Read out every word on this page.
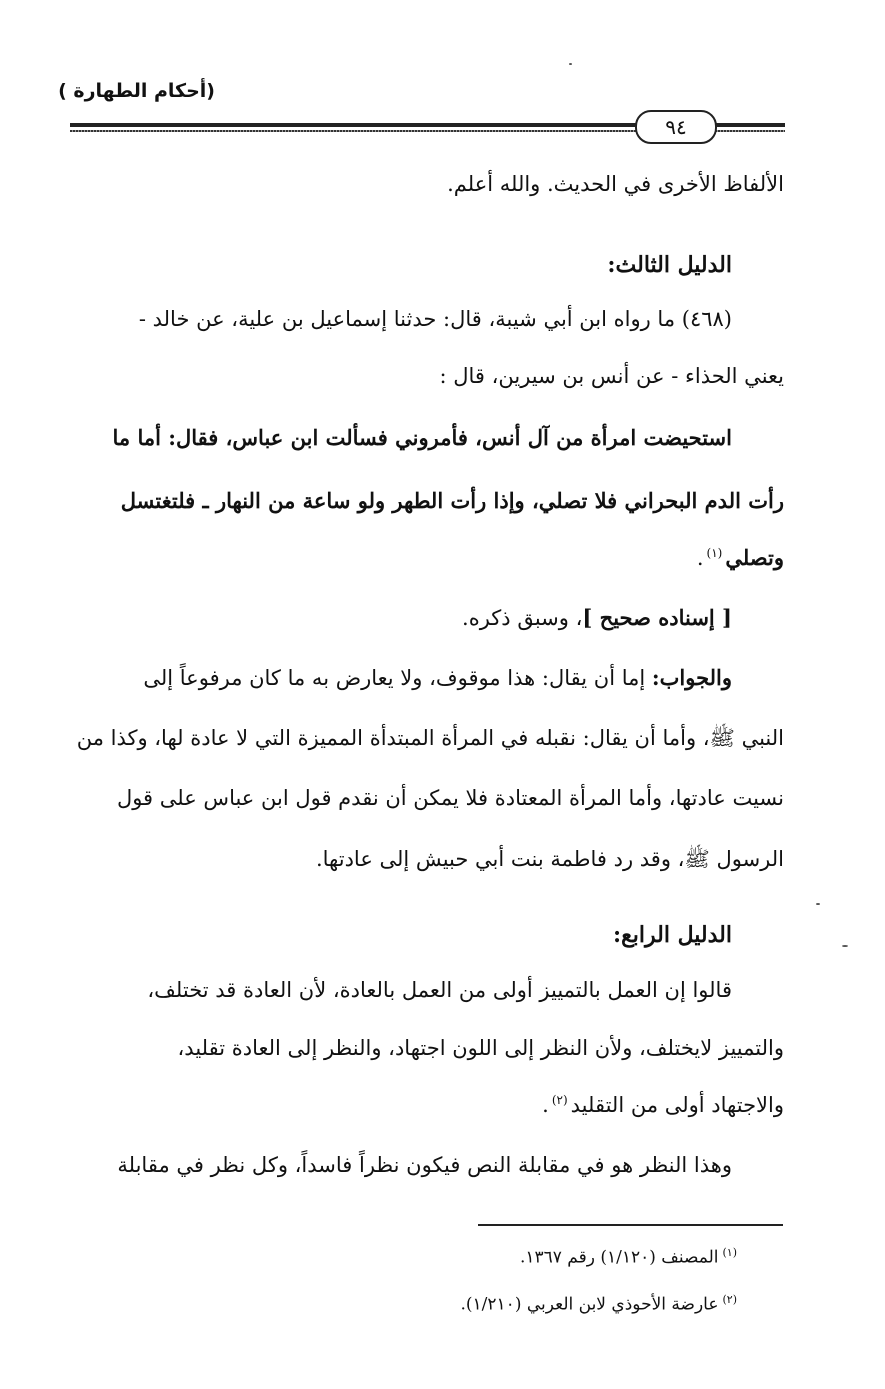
(أحكام الطهارة )
٩٤
الألفاظ الأخرى في الحديث. والله أعلم.
الدليل الثالث:
(٤٦٨) ما رواه ابن أبي شيبة، قال: حدثنا إسماعيل بن علية، عن خالد -
يعني الحذاء - عن أنس بن سيرين، قال :
استحيضت امرأة من آل أنس، فأمروني فسألت ابن عباس، فقال: أما ما
رأت الدم البحراني فلا تصلي، وإذا رأت الطهر ولو ساعة من النهار ـ فلتغتسل
وتصلي$^{(١)}$.
[ إسناده صحيح ]، وسبق ذكره.
والجواب: إما أن يقال: هذا موقوف، ولا يعارض به ما كان مرفوعاً إلى
النبي ﷺ، وأما أن يقال: نقبله في المرأة المبتدأة المميزة التي لا عادة لها، وكذا من
نسيت عادتها، وأما المرأة المعتادة فلا يمكن أن نقدم قول ابن عباس على قول
الرسول ﷺ، وقد رد فاطمة بنت أبي حبيش إلى عادتها.
الدليل الرابع:
قالوا إن العمل بالتمييز أولى من العمل بالعادة، لأن العادة قد تختلف،
والتمييز لايختلف، ولأن النظر إلى اللون اجتهاد، والنظر إلى العادة تقليد،
والاجتهاد أولى من التقليد$^{(٢)}$.
وهذا النظر هو في مقابلة النص فيكون نظراً فاسداً، وكل نظر في مقابلة
$^{(١)}$المصنف (١/١٢٠) رقم ١٣٦٧.
$^{(٢)}$عارضة الأحوذي لابن العربي (١/٢١٠).
